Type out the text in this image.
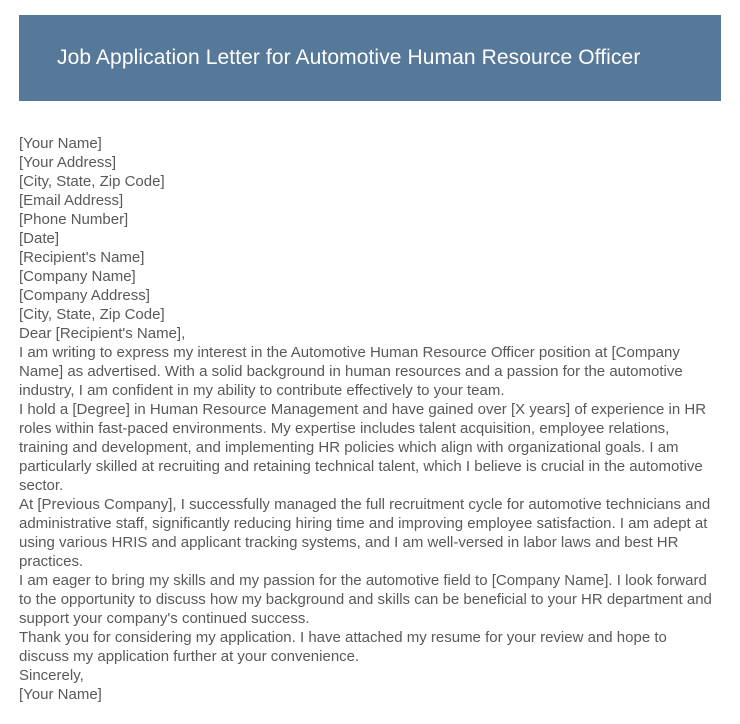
Job Application Letter for Automotive Human Resource Officer
[Your Name]
[Your Address]
[City, State, Zip Code]
[Email Address]
[Phone Number]
[Date]
[Recipient's Name]
[Company Name]
[Company Address]
[City, State, Zip Code]
Dear [Recipient's Name],

I am writing to express my interest in the Automotive Human Resource Officer position at [Company Name] as advertised. With a solid background in human resources and a passion for the automotive industry, I am confident in my ability to contribute effectively to your team.

I hold a [Degree] in Human Resource Management and have gained over [X years] of experience in HR roles within fast-paced environments. My expertise includes talent acquisition, employee relations, training and development, and implementing HR policies which align with organizational goals. I am particularly skilled at recruiting and retaining technical talent, which I believe is crucial in the automotive sector.

At [Previous Company], I successfully managed the full recruitment cycle for automotive technicians and administrative staff, significantly reducing hiring time and improving employee satisfaction. I am adept at using various HRIS and applicant tracking systems, and I am well-versed in labor laws and best HR practices.

I am eager to bring my skills and my passion for the automotive field to [Company Name]. I look forward to the opportunity to discuss how my background and skills can be beneficial to your HR department and support your company's continued success.

Thank you for considering my application. I have attached my resume for your review and hope to discuss my application further at your convenience.

Sincerely,
[Your Name]
